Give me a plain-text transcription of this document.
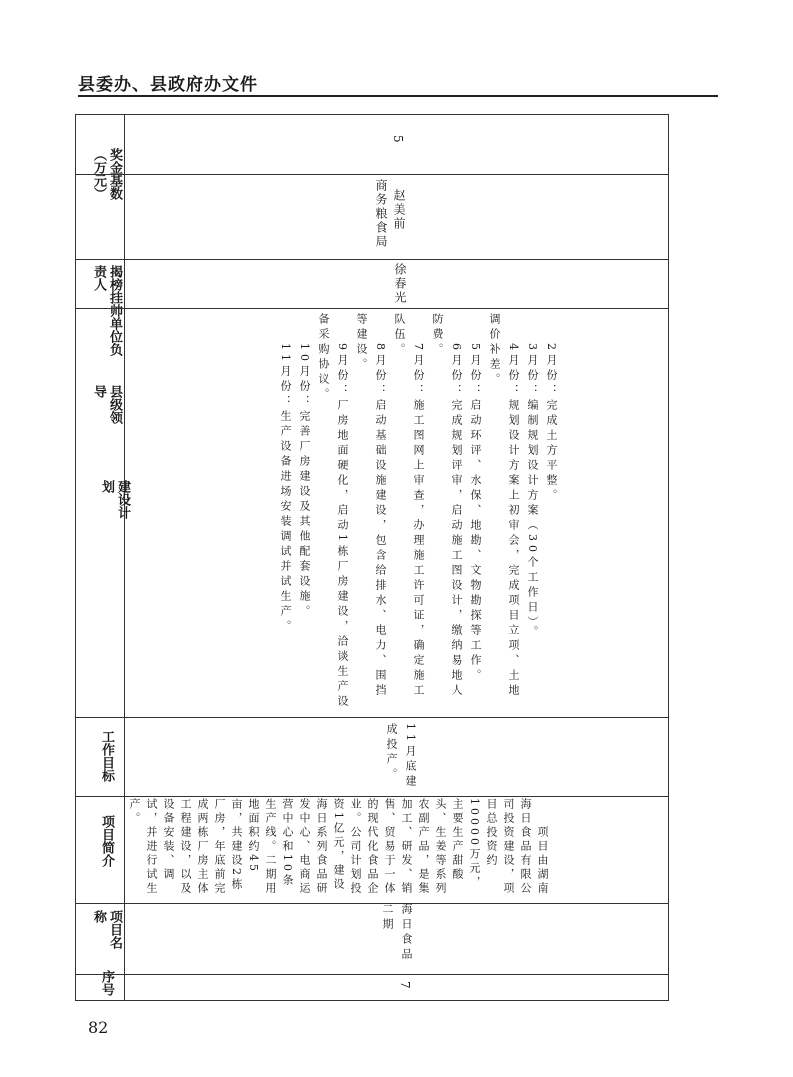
县委办、县政府办文件
奖金基数（万元）
揭榜挂帅单位负责人
县级领导
建设计划
工作目标
项目简介
项目名称
序号
5
商务粮食局 赵美前
徐春光
　　2月份：完成土方平整。
　　3月份：编制规划设计方案（30个工作日）。
　　4月份：规划设计方案上初审会，完成项目立项、土地调价补差。
　　5月份：启动环评、水保、地勘、文物勘探等工作。
　　6月份：完成规划评审，启动施工图设计，缴纳易地人防费。
　　7月份：施工图网上审查，办理施工许可证，确定施工队伍。
　　8月份：启动基础设施建设，包含给排水、电力、围挡等建设。
　　9月份：厂房地面硬化，启动1栋厂房建设，洽谈生产设备采购协议。
　　10月份：完善厂房建设及其他配套设施。
　　11月份：生产设备进场安装调试并试生产。
11月底建成投产。
　　项目由湖南海日食品有限公司投资建设，项目总投资约10000万元，主要生产甜酸头、生姜等系列农副产品，是集加工、研发、销售、贸易于一体的现代化食品企业。公司计划投资1亿元，建设海日系列食品研发中心、电商运营中心和10条生产线。二期用地面积约45亩，共建设2栋厂房，年底前完成两栋厂房主体工程建设，以及设备安装、调试，并进行试生产。
海日食品二期
7
82
